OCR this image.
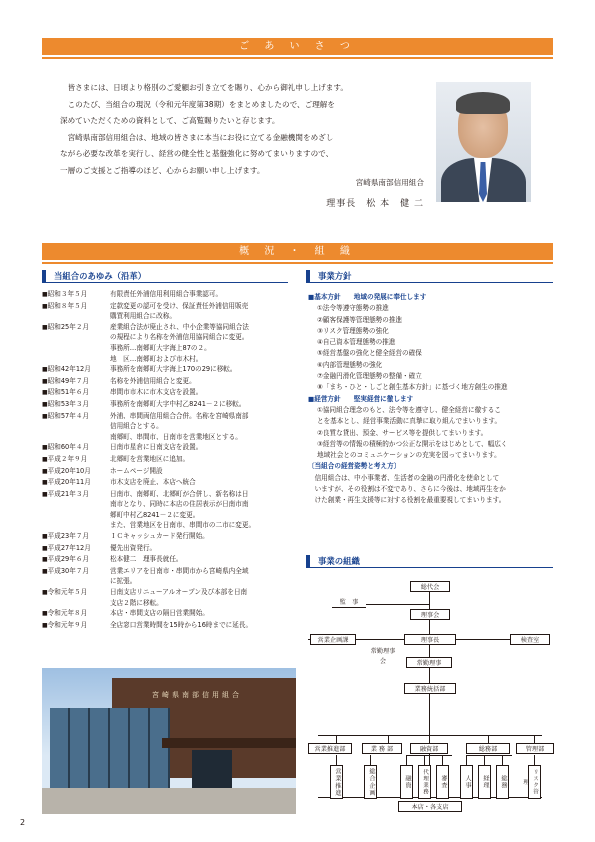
ご あ い さ つ

皆さまには、日頃より格別のご愛顧お引き立てを賜り、心から御礼申し上げます。

このたび、当組合の現況（令和元年度第38期）をまとめましたので、ご理解を

深めていただくための資料として、ご高覧賜りたいと存じます。

宮崎県南部信用組合は、地域の皆さまに本当にお役に立てる金融機関をめざし

ながら必要な改革を実行し、経営の健全性と基盤強化に努めてまいりますので、

一層のご支援とご指導のほど、心からお願い申し上げます。

宮崎県南部信用組合
理事長　松 本　健 二
概 況 ・ 組 織
当組合のあゆみ（沿革）
■ 昭和３年５月	有限責任外浦信用利用組合事業認可。
■ 昭和８年５月	定款変更の認可を受け、保証責任外浦信用販売
購買利用組合に改称。
■ 昭和25年２月	産業組合法が廃止され、中小企業等協同組合法
の規程により名称を外浦信用協同組合に変更。
事務所…南郷町大字海上87の２。
地　区…南郷町および市木村。
■ 昭和42年12月	事務所を南郷町大字海上170の29に移転。
■ 昭和49年７月	名称を外浦信用組合と変更。
■ 昭和51年６月	串間市市木に市木支店を設置。
■ 昭和53年３月	事務所を南郷町大字中村乙8241－２に移転。
■ 昭和57年４月	外浦、串間両信用組合合併。名称を宮崎県南部
信用組合とする。
南郷町、串間市、日南市を営業地区とする。
■ 昭和60年４月	日南市星倉に日南支店を設置。
■ 平成２年９月	北郷町を営業地区に追加。
■ 平成20年10月	ホームページ開設
■ 平成20年11月	市木支店を廃止、本店へ統合
■ 平成21年３月	日南市、南郷町、北郷町が合併し、新名称は日
南市となり、同時に本店の住居表示が日南市南
郷町中村乙8241－２に変更。
また、営業地区を日南市、串間市の二市に変更。
■ 平成23年７月	ＩＣキャッシュカード発行開始。
■ 平成27年12月	優先出資発行。
■ 平成29年６月	松本健二　理事長就任。
■ 平成30年７月	営業エリアを日南市・串間市から宮崎県内全域
に拡張。
■ 令和元年５月	日南支店リニューアルオープン及び本部を日南
支店２階に移転。
■ 令和元年８月	本店・串間支店の隔日営業開始。
■ 令和元年９月	全店窓口営業時間を15時から16時までに延長。
宮崎県南部信用組合
事業方針
■ 基本方針　　地域の発展に奉仕します
①法令等遵守態勢の推進
②顧客保護等管理態勢の推進
③リスク管理態勢の強化
④自己資本管理態勢の推進
⑤経営基盤の強化と健全経営の確保
⑥内部管理態勢の強化
⑦金融円滑化管理態勢の整備・確立
⑧「まち・ひと・しごと創生基本方針」に基づく地方創生の推進
■ 経営方針　　堅実経営に徹します
①協同組合理念のもと、法令等を遵守し、健全経営に徹するこ
とを基本とし、経営事業活動に真摯に取り組んでまいります。
②良質な貸出、預金、サービス等を提供してまいります。
③経営等の情報の積極的かつ公正な開示をはじめとして、幅広く
地域社会とのコミュニケーションの充実を図ってまいります。
〔当組合の経営姿勢と考え方〕
信用組合は、中小事業者、生活者の金融の円滑化を使命として
いますが、その役割は不変であり、さらに今後は、地域再生をか
けた創業・再生支援等に対する役割を最重要視してまいります。
事業の組織
総代会
監　事
理事会
理事長
営業企画課	検査室
常勤理事会	常勤理事
業務統括部
営業推進部	業 務 部	融資部	総務部	管理部
営業推進	総合企画	融資	代理業務	審査	人事	経理	総務	リスク管理
本店・各支店
2
